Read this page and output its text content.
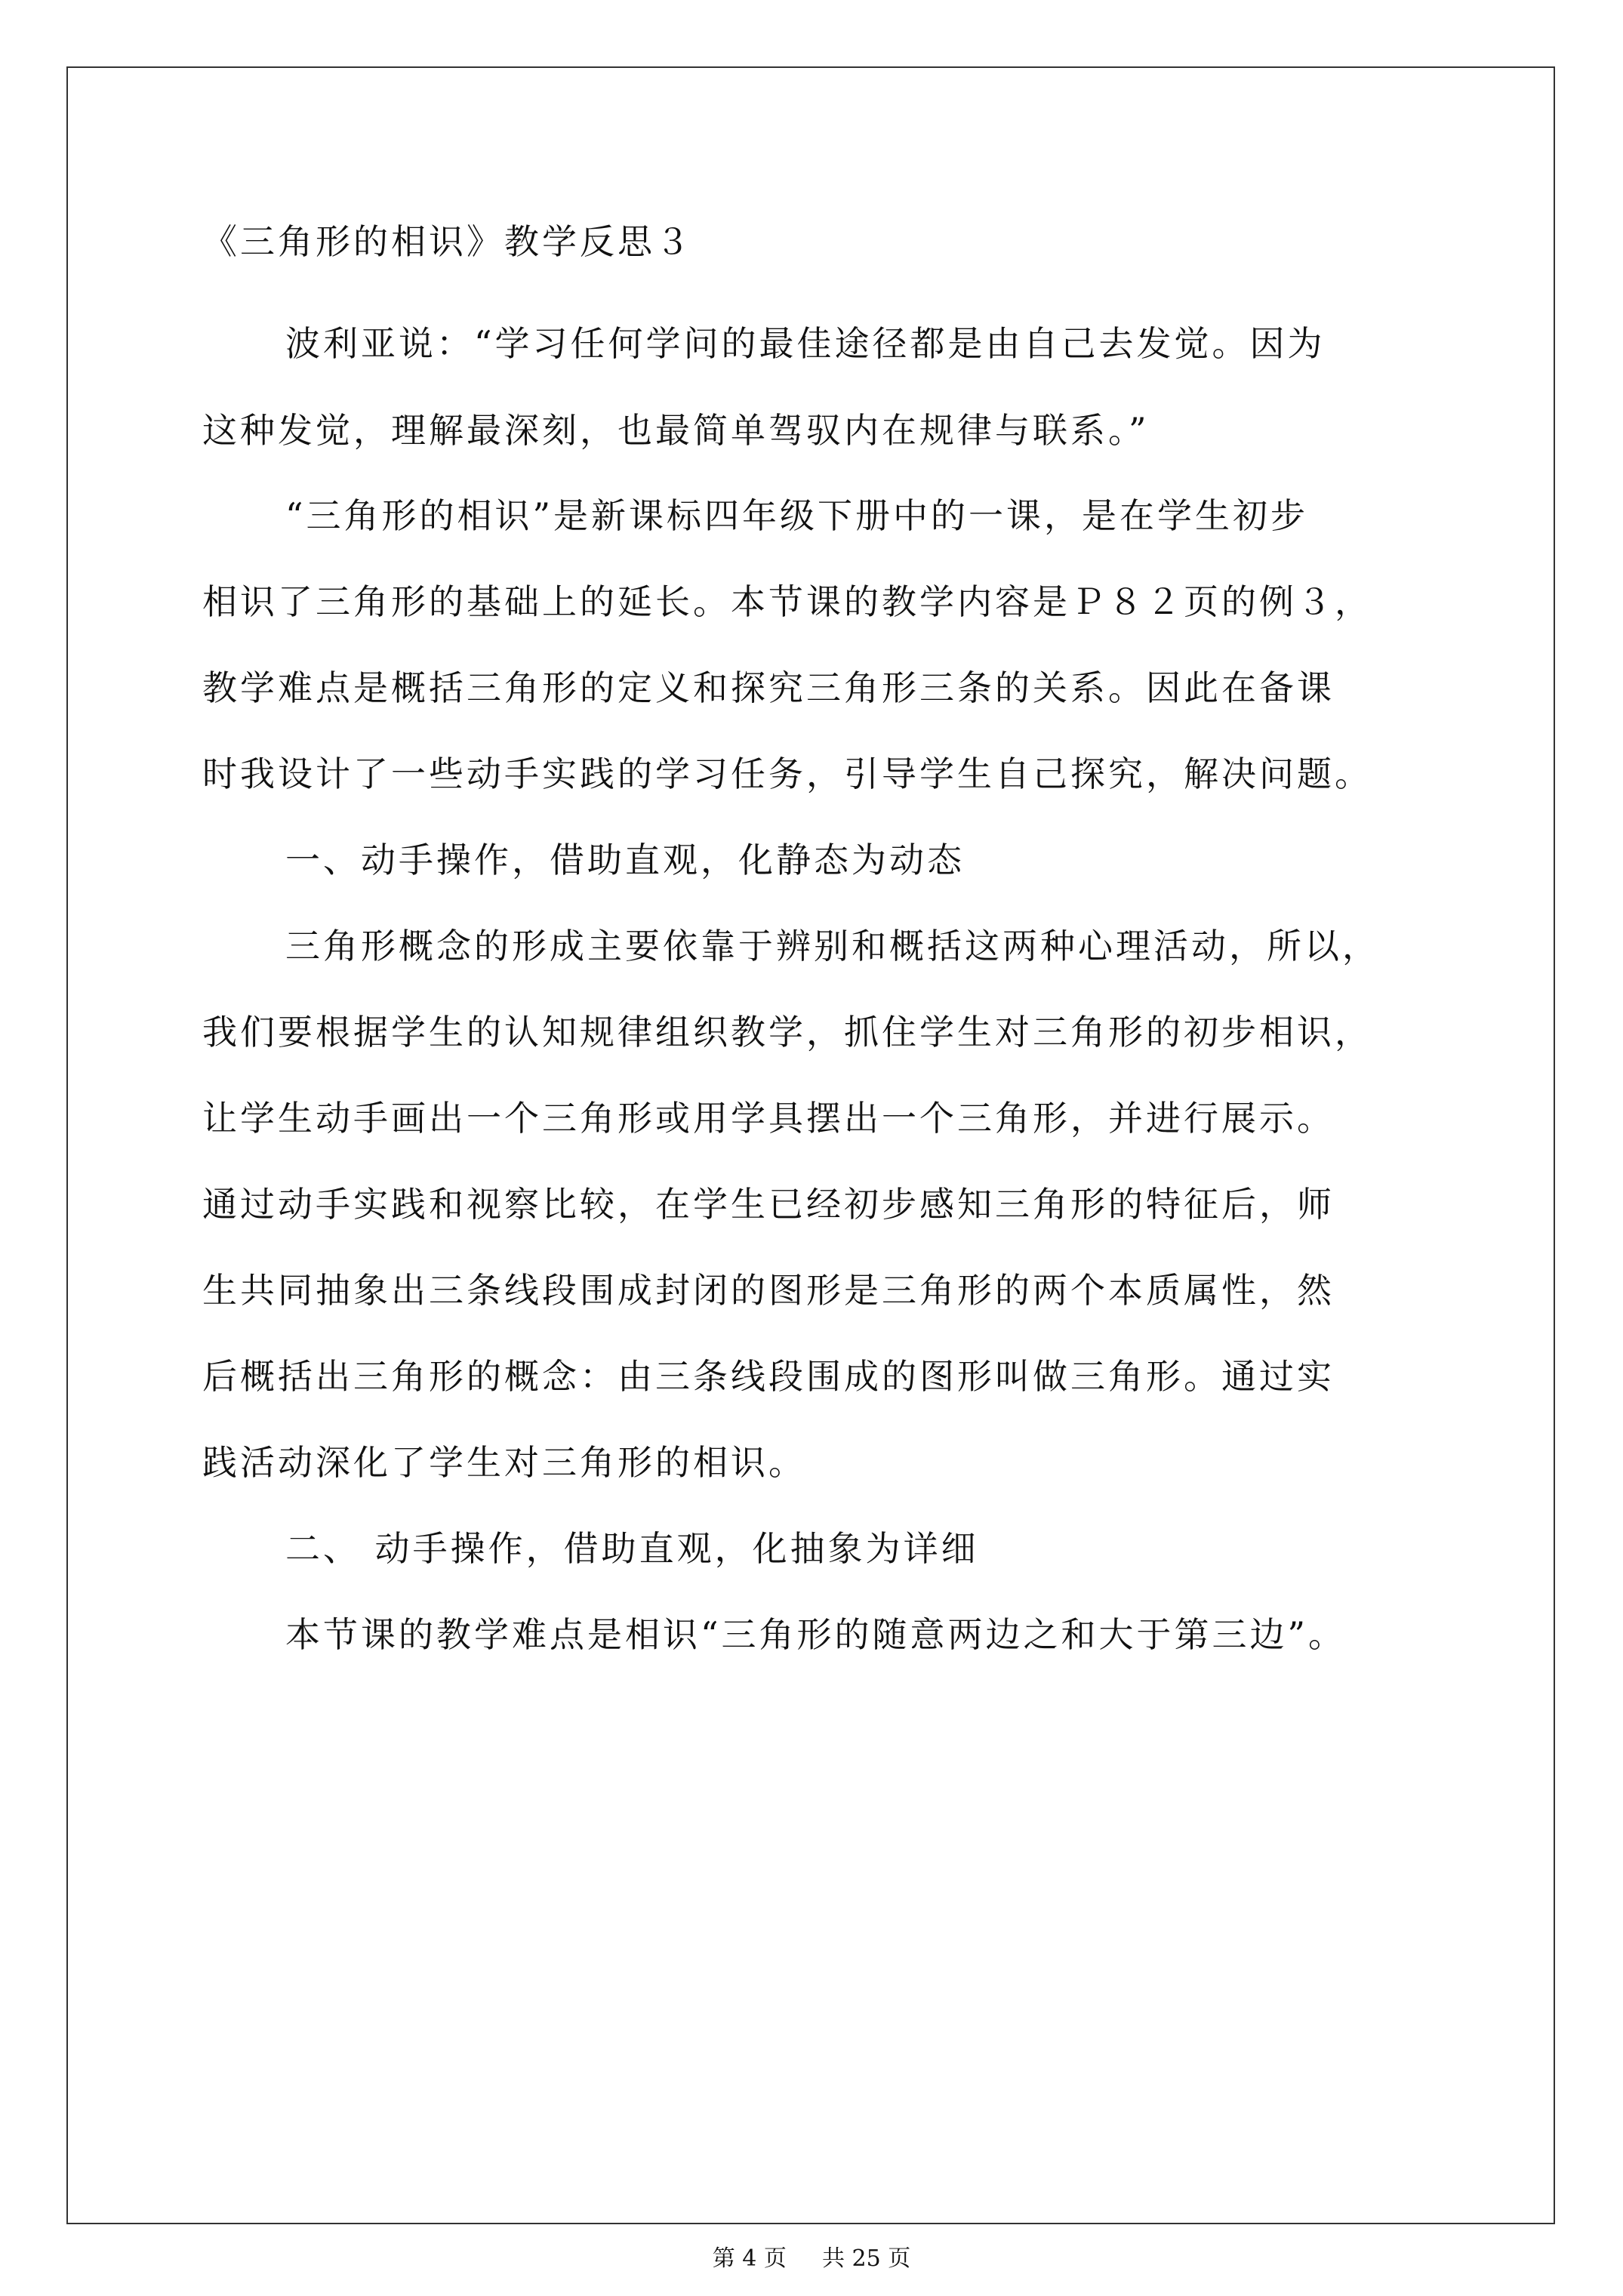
《三角形的相识》教学反思３
波利亚说：“学习任何学问的最佳途径都是由自己去发觉。因为
这种发觉，理解最深刻，也最简单驾驭内在规律与联系。”
“三角形的相识”是新课标四年级下册中的一课，是在学生初步
相识了三角形的基础上的延长。本节课的教学内容是Ｐ８２页的例３，
教学难点是概括三角形的定义和探究三角形三条的关系。因此在备课
时我设计了一些动手实践的学习任务，引导学生自己探究，解决问题。
一、动手操作，借助直观，化静态为动态
三角形概念的形成主要依靠于辨别和概括这两种心理活动，所以，
我们要根据学生的认知规律组织教学，抓住学生对三角形的初步相识，
让学生动手画出一个三角形或用学具摆出一个三角形，并进行展示。
通过动手实践和视察比较，在学生已经初步感知三角形的特征后，师
生共同抽象出三条线段围成封闭的图形是三角形的两个本质属性，然
后概括出三角形的概念：由三条线段围成的图形叫做三角形。通过实
践活动深化了学生对三角形的相识。
二、 动手操作，借助直观，化抽象为详细
本节课的教学难点是相识“三角形的随意两边之和大于第三边”。
第 4 页 共 25 页
